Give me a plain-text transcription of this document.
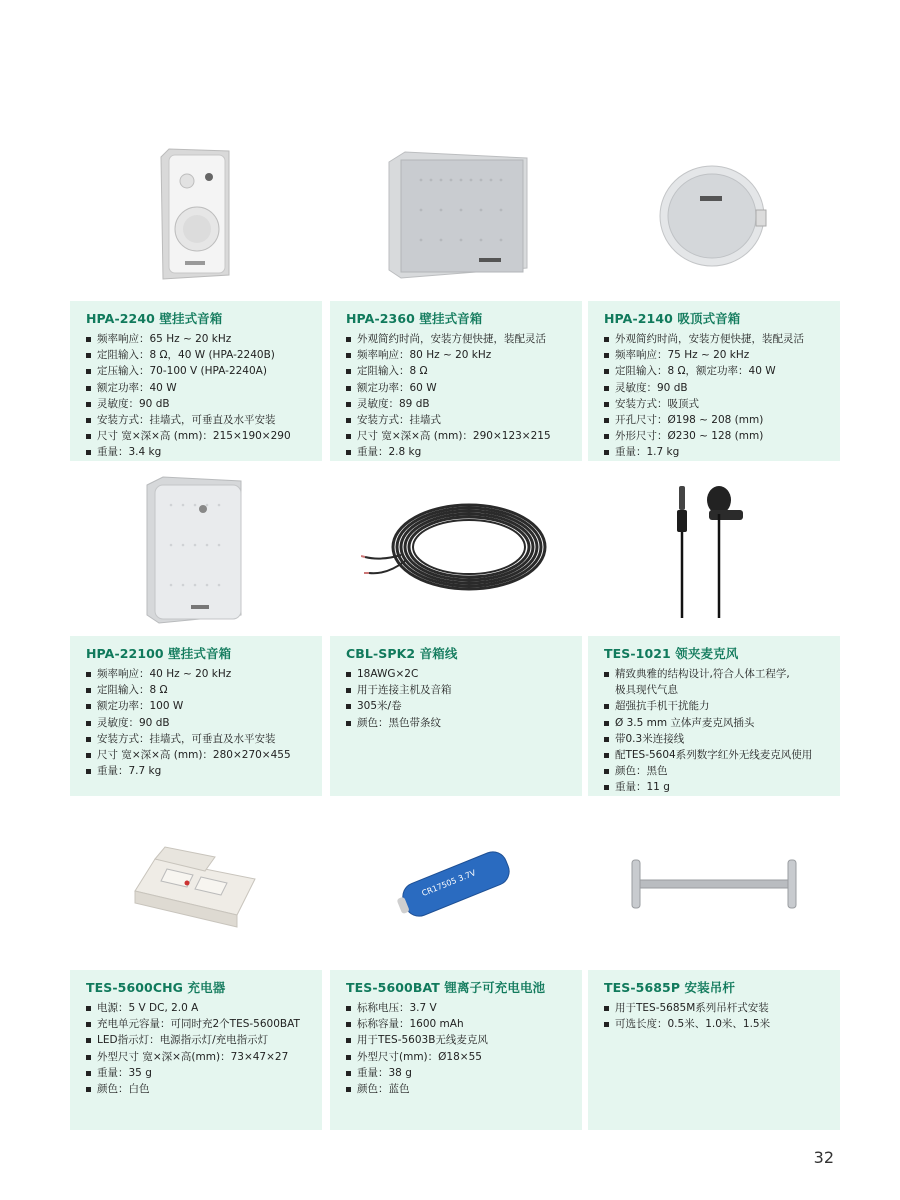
HPA-2240 壁挂式音箱

频率响应：65 Hz ~ 20 kHz
定阻输入：8 Ω，40 W (HPA-2240B)
定压输入：70-100 V (HPA-2240A)
额定功率：40 W
灵敏度：90 dB
安装方式：挂墙式，可垂直及水平安装
尺寸 宽×深×高 (mm)：215×190×290
重量：3.4 kg

HPA-2360 壁挂式音箱

外观简约时尚，安装方便快捷，装配灵活
频率响应：80 Hz ~ 20 kHz
定阻输入：8 Ω
额定功率：60 W
灵敏度：89 dB
安装方式：挂墙式
尺寸 宽×深×高 (mm)：290×123×215
重量：2.8 kg

HPA-2140 吸顶式音箱

外观简约时尚，安装方便快捷，装配灵活
频率响应：75 Hz ~ 20 kHz
定阻输入：8 Ω，额定功率：40 W
灵敏度：90 dB
安装方式：吸顶式
开孔尺寸：Ø198 ~ 208 (mm)
外形尺寸：Ø230 ~ 128 (mm)
重量：1.7 kg

HPA-22100 壁挂式音箱

频率响应：40 Hz ~ 20 kHz
定阻输入：8 Ω
额定功率：100 W
灵敏度：90 dB
安装方式：挂墙式，可垂直及水平安装
尺寸 宽×深×高 (mm)：280×270×455
重量：7.7 kg

CBL-SPK2 音箱线

18AWG×2C
用于连接主机及音箱
305米/卷
颜色：黑色带条纹

TES-1021 领夹麦克风

精致典雅的结构设计,符合人体工程学,
极具现代气息
超强抗手机干扰能力
Ø 3.5 mm 立体声麦克风插头
带0.3米连接线
配TES-5604系列数字红外无线麦克风使用
颜色：黑色
重量：11 g

TES-5600CHG 充电器

电源：5 V DC, 2.0 A
充电单元容量：可同时充2个TES-5600BAT
LED指示灯：电源指示灯/充电指示灯
外型尺寸 宽×深×高(mm)：73×47×27
重量：35 g
颜色：白色
CR17505 3.7V

TES-5600BAT 锂离子可充电电池

标称电压：3.7 V
标称容量：1600 mAh
用于TES-5603B无线麦克风
外型尺寸(mm)：Ø18×55
重量：38 g
颜色：蓝色

TES-5685P 安装吊杆

用于TES-5685M系列吊杆式安装
可选长度：0.5米、1.0米、1.5米
32
